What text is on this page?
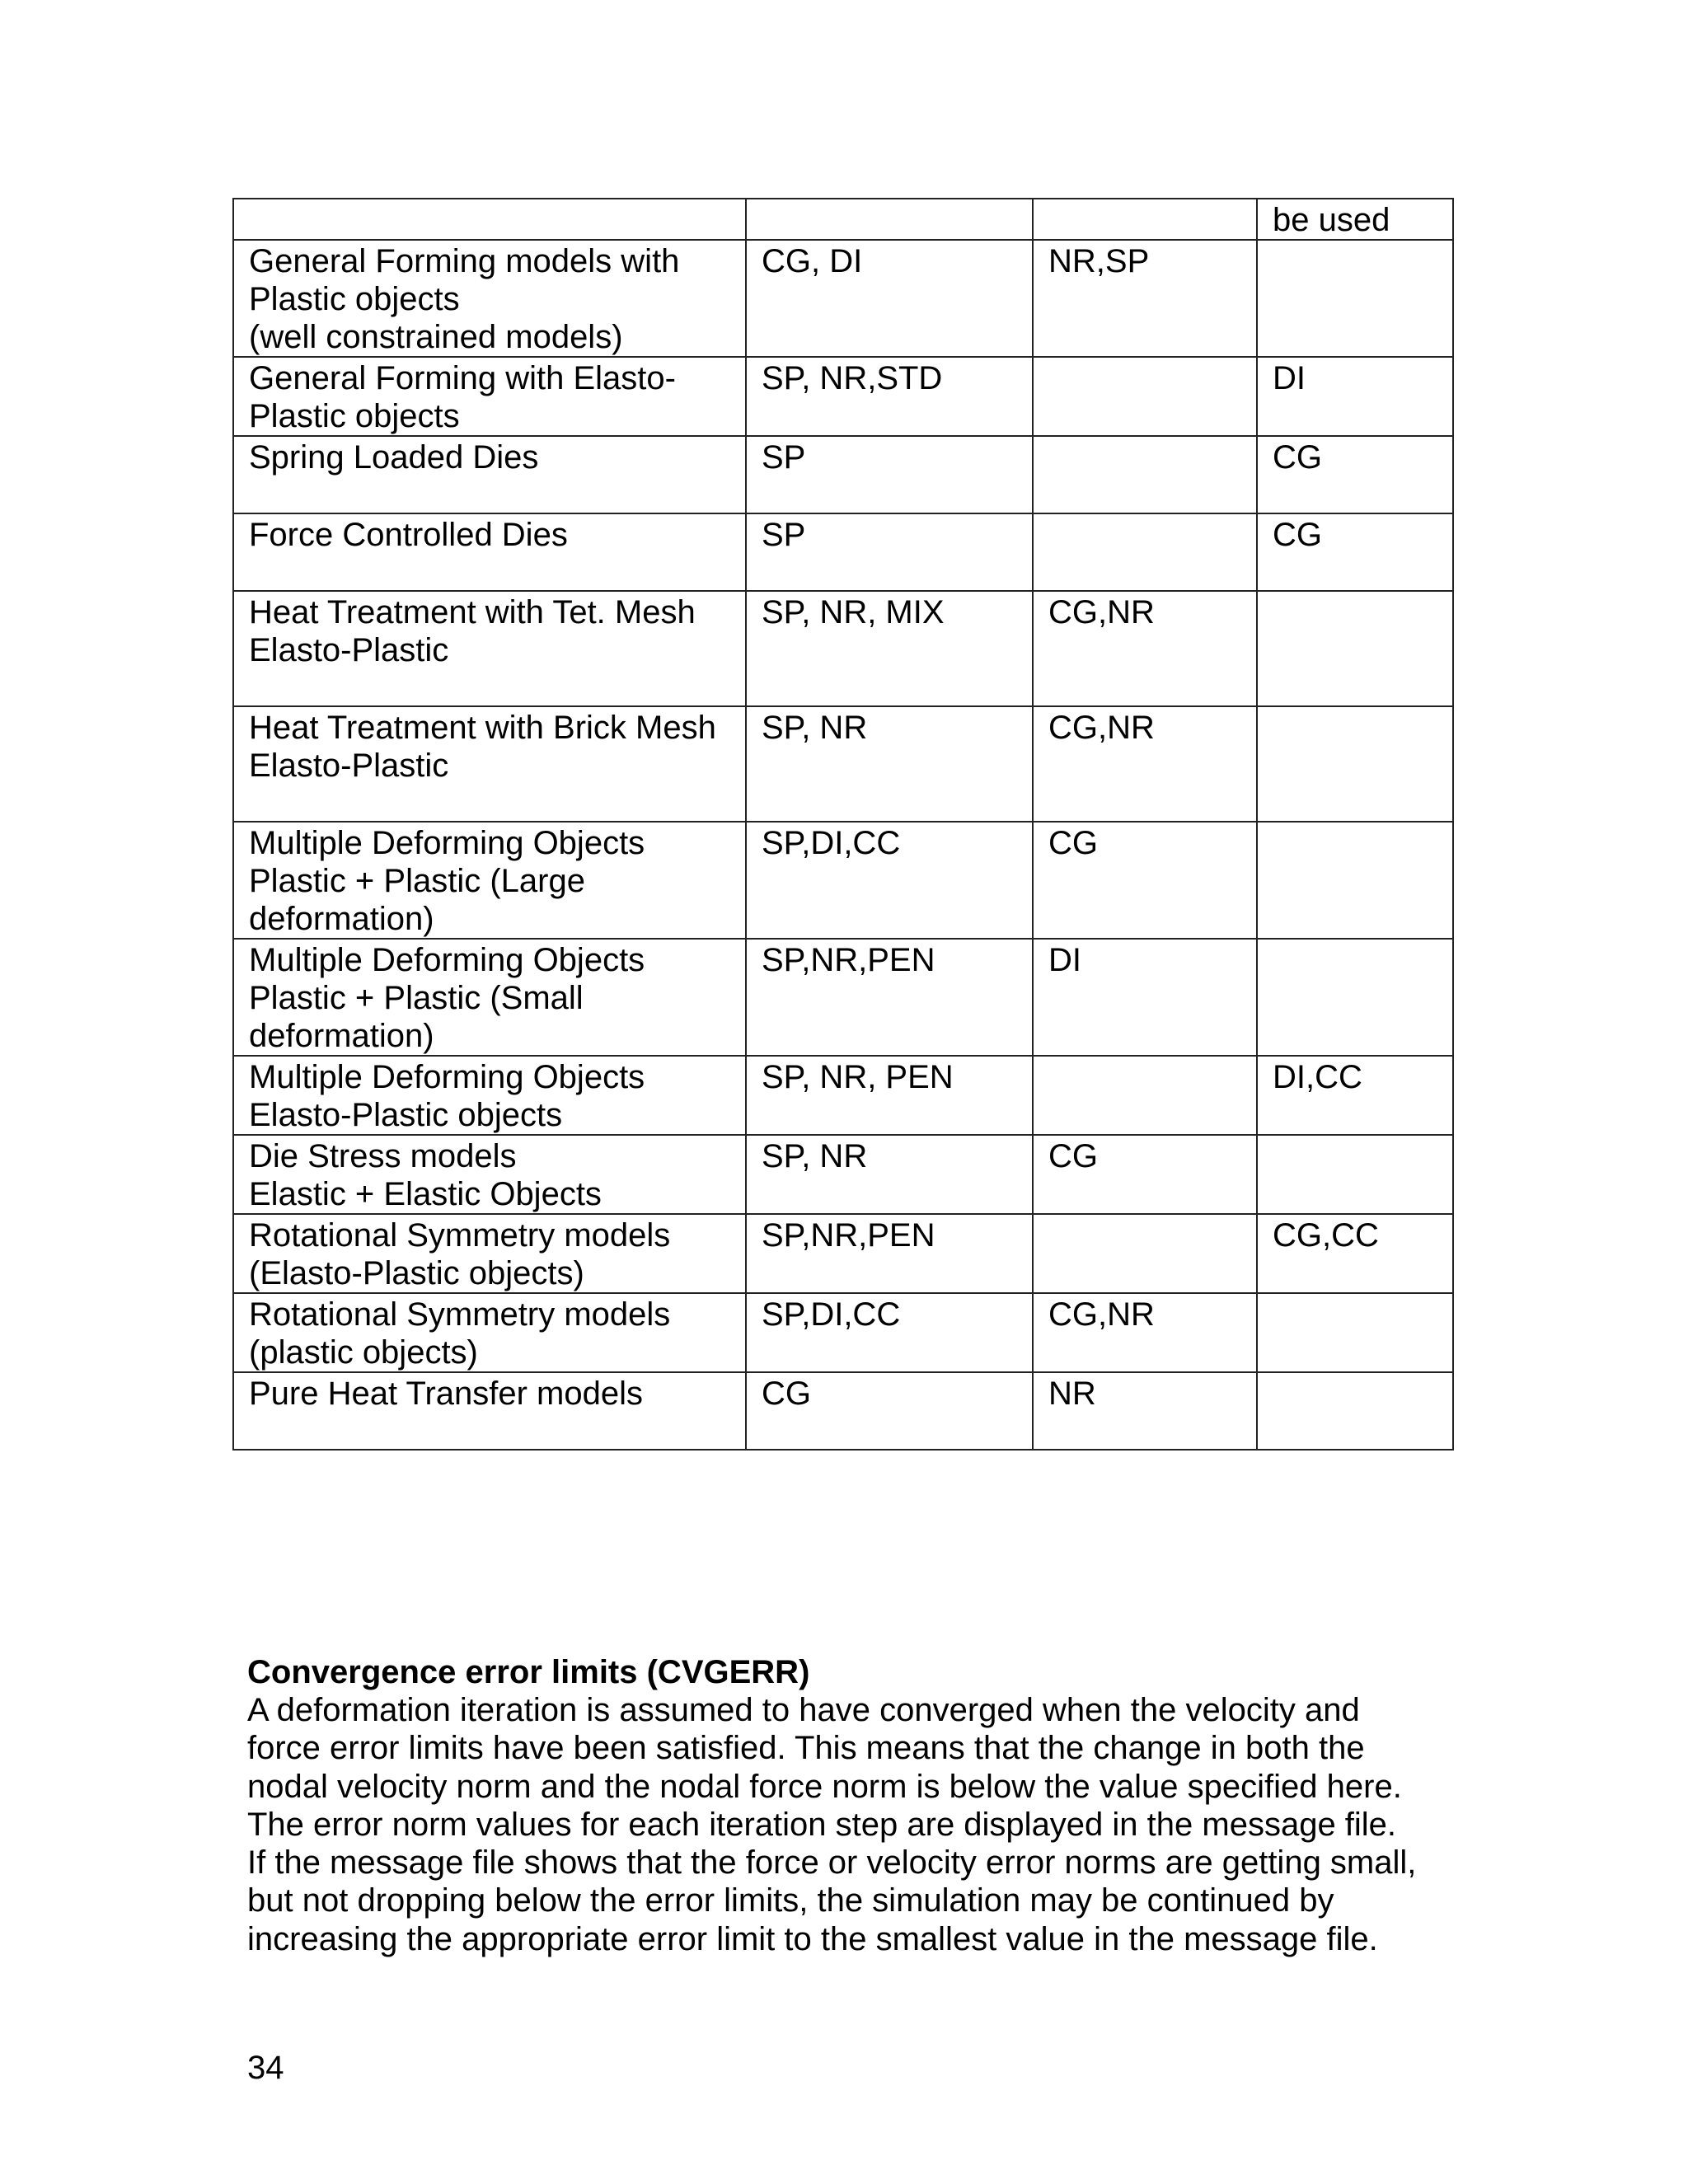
			be used
General Forming models with
Plastic objects
(well constrained models)	CG, DI	NR,SP	
General Forming with Elasto-
Plastic objects	SP, NR,STD		DI
Spring Loaded Dies	SP		CG
Force Controlled Dies	SP		CG
Heat Treatment with Tet. Mesh
Elasto-Plastic	SP, NR, MIX	CG,NR	
Heat Treatment with Brick Mesh
Elasto-Plastic	SP, NR	CG,NR	
Multiple Deforming Objects
Plastic + Plastic (Large
deformation)	SP,DI,CC	CG	
Multiple Deforming Objects
Plastic + Plastic (Small
deformation)	SP,NR,PEN	DI	
Multiple Deforming Objects
Elasto-Plastic objects	SP, NR, PEN		DI,CC
Die Stress models
Elastic + Elastic Objects	SP, NR	CG	
Rotational Symmetry models
(Elasto-Plastic objects)	SP,NR,PEN		CG,CC
Rotational Symmetry models
(plastic objects)	SP,DI,CC	CG,NR	
Pure Heat Transfer models	CG	NR	
Convergence error limits (CVGERR)

A deformation iteration is assumed to have converged when the velocity and
force error limits have been satisfied. This means that the change in both the
nodal velocity norm and the nodal force norm is below the value specified here.
The error norm values for each iteration step are displayed in the message file.
If the message file shows that the force or velocity error norms are getting small,
but not dropping below the error limits, the simulation may be continued by
increasing the appropriate error limit to the smallest value in the message file.

34
